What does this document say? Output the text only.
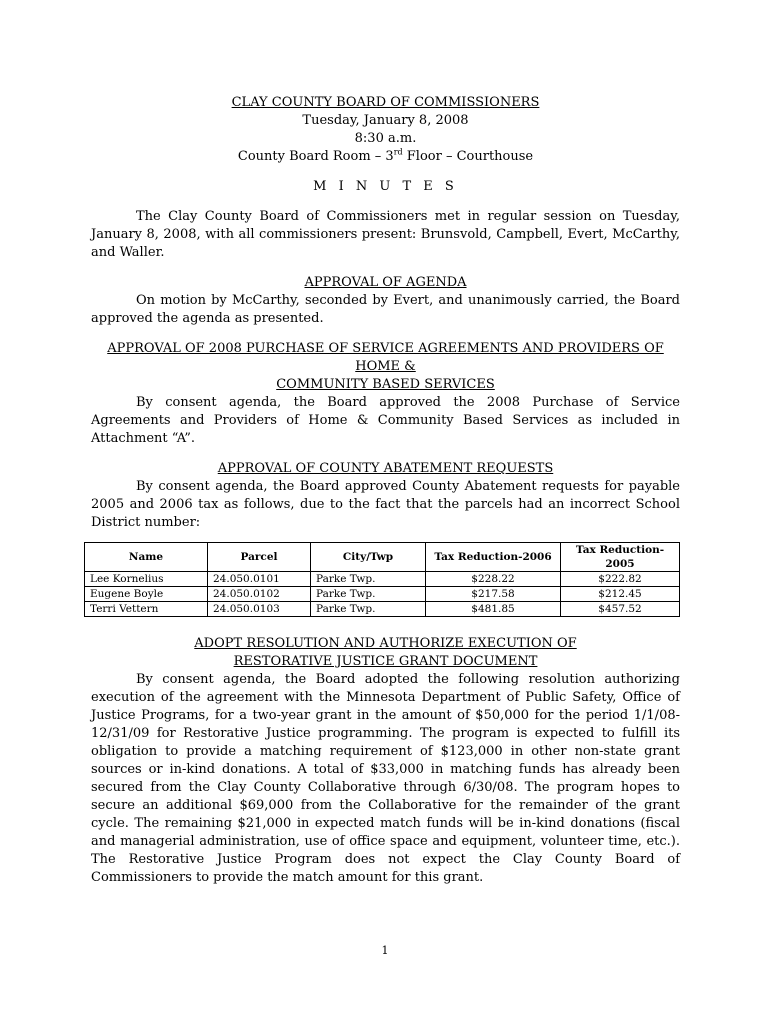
CLAY COUNTY BOARD OF COMMISSIONERS
Tuesday, January 8, 2008
8:30 a.m.
County Board Room – 3rd Floor – Courthouse
M I N U T E S

The Clay County Board of Commissioners met in regular session on Tuesday, January 8, 2008, with all commissioners present: Brunsvold, Campbell, Evert, McCarthy, and Waller.

APPROVAL OF AGENDA

On motion by McCarthy, seconded by Evert, and unanimously carried, the Board approved the agenda as presented.

APPROVAL OF 2008 PURCHASE OF SERVICE AGREEMENTS AND PROVIDERS OF HOME &
COMMUNITY BASED SERVICES

By consent agenda, the Board approved the 2008 Purchase of Service Agreements and Providers of Home & Community Based Services as included in Attachment “A”.

APPROVAL OF COUNTY ABATEMENT REQUESTS

By consent agenda, the Board approved County Abatement requests for payable 2005 and 2006 tax as follows, due to the fact that the parcels had an incorrect School District number:

Name	Parcel	City/Twp	Tax Reduction-2006	Tax Reduction-2005
Lee Kornelius	24.050.0101	Parke Twp.	$228.22	$222.82
Eugene Boyle	24.050.0102	Parke Twp.	$217.58	$212.45
Terri Vettern	24.050.0103	Parke Twp.	$481.85	$457.52
ADOPT RESOLUTION AND AUTHORIZE EXECUTION OF
RESTORATIVE JUSTICE GRANT DOCUMENT

By consent agenda, the Board adopted the following resolution authorizing execution of the agreement with the Minnesota Department of Public Safety, Office of Justice Programs, for a two-year grant in the amount of $50,000 for the period 1/1/08-12/31/09 for Restorative Justice programming. The program is expected to fulfill its obligation to provide a matching requirement of $123,000 in other non-state grant sources or in-kind donations. A total of $33,000 in matching funds has already been secured from the Clay County Collaborative through 6/30/08. The program hopes to secure an additional $69,000 from the Collaborative for the remainder of the grant cycle. The remaining $21,000 in expected match funds will be in-kind donations (fiscal and managerial administration, use of office space and equipment, volunteer time, etc.). The Restorative Justice Program does not expect the Clay County Board of Commissioners to provide the match amount for this grant.

1
